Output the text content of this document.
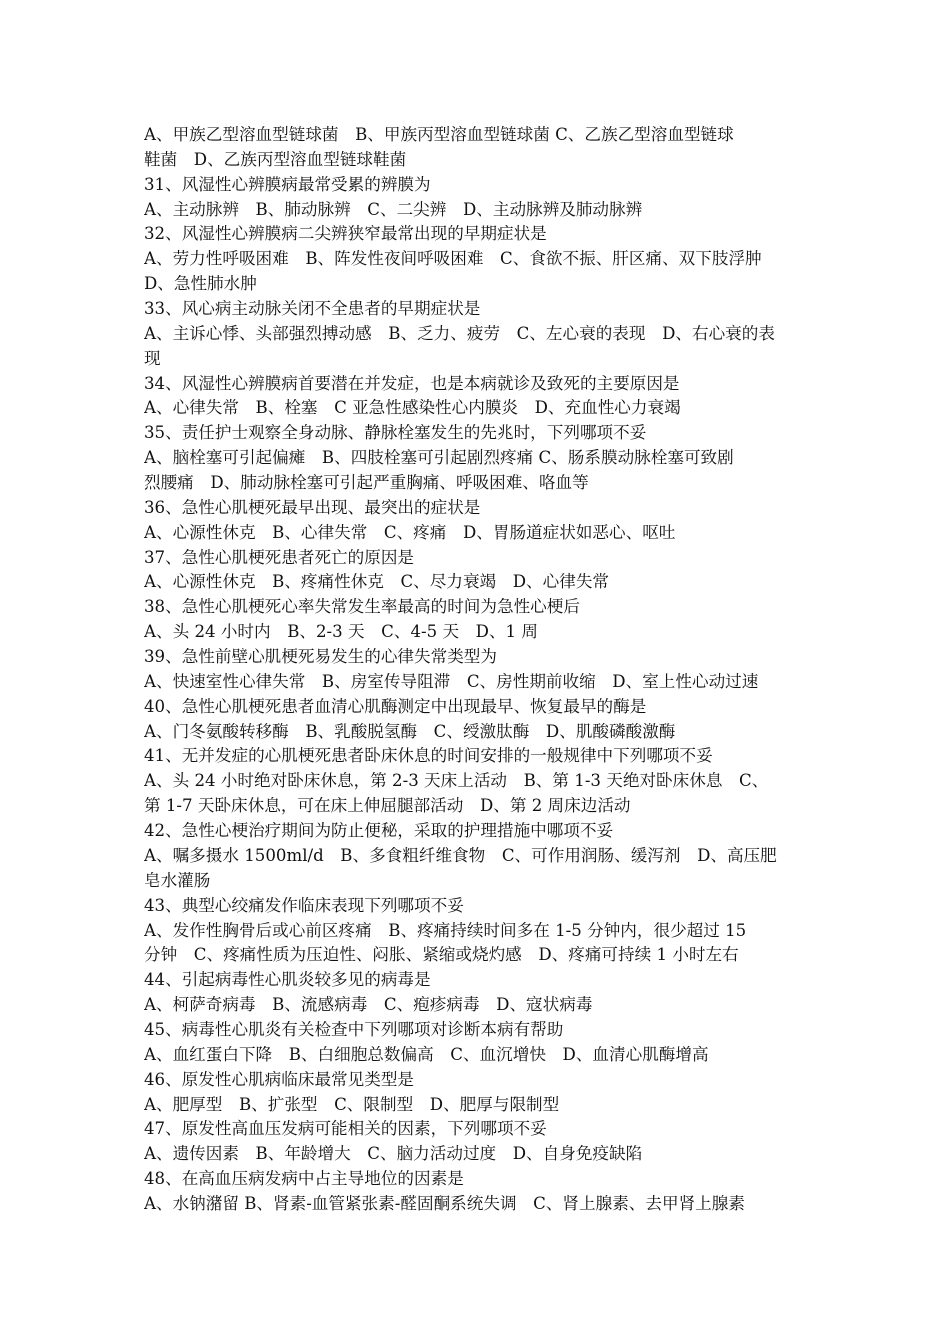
A、甲族乙型溶血型链球菌　B、甲族丙型溶血型链球菌 C、乙族乙型溶血型链球
鞋菌　D、乙族丙型溶血型链球鞋菌
31、风湿性心辨膜病最常受累的辨膜为
A、主动脉辨　B、肺动脉辨　C、二尖辨　D、主动脉辨及肺动脉辨
32、风湿性心辨膜病二尖辨狭窄最常出现的早期症状是
A、劳力性呼吸困难　B、阵发性夜间呼吸困难　C、食欲不振、肝区痛、双下肢浮肿
D、急性肺水肿
33、风心病主动脉关闭不全患者的早期症状是
A、主诉心悸、头部强烈搏动感　B、乏力、疲劳　C、左心衰的表现　D、右心衰的表
现
34、风湿性心辨膜病首要潜在并发症，也是本病就诊及致死的主要原因是
A、心律失常　B、栓塞　C 亚急性感染性心内膜炎　D、充血性心力衰竭
35、责任护士观察全身动脉、静脉栓塞发生的先兆时，下列哪项不妥
A、脑栓塞可引起偏瘫　B、四肢栓塞可引起剧烈疼痛 C、肠系膜动脉栓塞可致剧
烈腰痛　D、肺动脉栓塞可引起严重胸痛、呼吸困难、咯血等
36、急性心肌梗死最早出现、最突出的症状是
A、心源性休克　B、心律失常　C、疼痛　D、胃肠道症状如恶心、呕吐
37、急性心肌梗死患者死亡的原因是
A、心源性休克　B、疼痛性休克　C、尽力衰竭　D、心律失常
38、急性心肌梗死心率失常发生率最高的时间为急性心梗后
A、头 24 小时内　B、2-3 天　C、4-5 天　D、1 周
39、急性前壁心肌梗死易发生的心律失常类型为
A、快速室性心律失常　B、房室传导阻滞　C、房性期前收缩　D、室上性心动过速
40、急性心肌梗死患者血清心肌酶测定中出现最早、恢复最早的酶是
A、门冬氨酸转移酶　B、乳酸脱氢酶　C、绶激肽酶　D、肌酸磷酸激酶
41、无并发症的心肌梗死患者卧床休息的时间安排的一般规律中下列哪项不妥
A、头 24 小时绝对卧床休息，第 2-3 天床上活动　B、第 1-3 天绝对卧床休息　C、
第 1-7 天卧床休息，可在床上伸屈腿部活动　D、第 2 周床边活动
42、急性心梗治疗期间为防止便秘，采取的护理措施中哪项不妥
A、嘱多摄水 1500ml/d　B、多食粗纤维食物　C、可作用润肠、缓泻剂　D、高压肥
皂水灌肠
43、典型心绞痛发作临床表现下列哪项不妥
A、发作性胸骨后或心前区疼痛　B、疼痛持续时间多在 1-5 分钟内，很少超过 15
分钟　C、疼痛性质为压迫性、闷胀、紧缩或烧灼感　D、疼痛可持续 1 小时左右
44、引起病毒性心肌炎较多见的病毒是
A、柯萨奇病毒　B、流感病毒　C、疱疹病毒　D、寇状病毒
45、病毒性心肌炎有关检查中下列哪项对诊断本病有帮助
A、血红蛋白下降　B、白细胞总数偏高　C、血沉增快　D、血清心肌酶增高
46、原发性心肌病临床最常见类型是
A、肥厚型　B、扩张型　C、限制型　D、肥厚与限制型
47、原发性高血压发病可能相关的因素，下列哪项不妥
A、遗传因素　B、年龄增大　C、脑力活动过度　D、自身免疫缺陷
48、在高血压病发病中占主导地位的因素是
A、水钠潴留 B、肾素-血管紧张素-醛固酮系统失调　C、肾上腺素、去甲肾上腺素
